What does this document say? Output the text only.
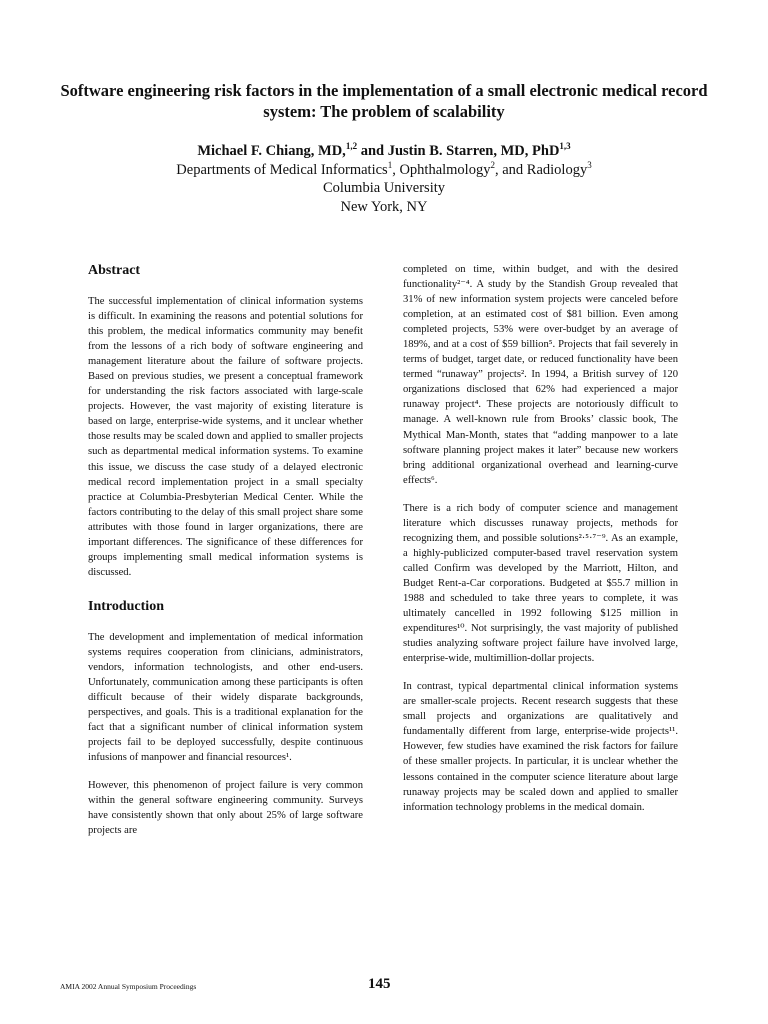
Software engineering risk factors in the implementation of a small electronic medical record system: The problem of scalability
Michael F. Chiang, MD,$^{1,2}$ and Justin B. Starren, MD, PhD$^{1,3}$
Departments of Medical Informatics$^1$, Ophthalmology$^2$, and Radiology$^3$
Columbia University
New York, NY
Abstract

The successful implementation of clinical information systems is difficult. In examining the reasons and potential solutions for this problem, the medical informatics community may benefit from the lessons of a rich body of software engineering and management literature about the failure of software projects. Based on previous studies, we present a conceptual framework for understanding the risk factors associated with large-scale projects. However, the vast majority of existing literature is based on large, enterprise-wide systems, and it unclear whether those results may be scaled down and applied to smaller projects such as departmental medical information systems. To examine this issue, we discuss the case study of a delayed electronic medical record implementation project in a small specialty practice at Columbia-Presbyterian Medical Center. While the factors contributing to the delay of this small project share some attributes with those found in larger organizations, there are important differences. The significance of these differences for groups implementing small medical information systems is discussed.

Introduction

The development and implementation of medical information systems requires cooperation from clinicians, administrators, vendors, information technologists, and other end-users. Unfortunately, communication among these participants is often difficult because of their widely disparate backgrounds, perspectives, and goals. This is a traditional explanation for the fact that a significant number of clinical information system projects fail to be deployed successfully, despite continuous infusions of manpower and financial resources¹.

However, this phenomenon of project failure is very common within the general software engineering community. Surveys have consistently shown that only about 25% of large software projects are

completed on time, within budget, and with the desired functionality²⁻⁴. A study by the Standish Group revealed that 31% of new information system projects were canceled before completion, at an estimated cost of $81 billion. Even among completed projects, 53% were over-budget by an average of 189%, and at a cost of $59 billion⁵. Projects that fail severely in terms of budget, target date, or reduced functionality have been termed “runaway” projects². In 1994, a British survey of 120 organizations disclosed that 62% had experienced a major runaway project⁴. These projects are notoriously difficult to manage. A well-known rule from Brooks’ classic book, The Mythical Man-Month, states that “adding manpower to a late software planning project makes it later” because new workers bring additional organizational overhead and learning-curve effects⁶.

There is a rich body of computer science and management literature which discusses runaway projects, methods for recognizing them, and possible solutions²·⁵·⁷⁻⁹. As an example, a highly-publicized computer-based travel reservation system called Confirm was developed by the Marriott, Hilton, and Budget Rent-a-Car corporations. Budgeted at $55.7 million in 1988 and scheduled to take three years to complete, it was ultimately cancelled in 1992 following $125 million in expenditures¹⁰. Not surprisingly, the vast majority of published studies analyzing software project failure have involved large, enterprise-wide, multimillion-dollar projects.

In contrast, typical departmental clinical information systems are smaller-scale projects. Recent research suggests that these small projects and organizations are qualitatively and fundamentally different from large, enterprise-wide projects¹¹. However, few studies have examined the risk factors for failure of these smaller projects. In particular, it is unclear whether the lessons contained in the computer science literature about large runaway projects may be scaled down and applied to smaller information technology problems in the medical domain.

AMIA 2002 Annual Symposium Proceedings	145
